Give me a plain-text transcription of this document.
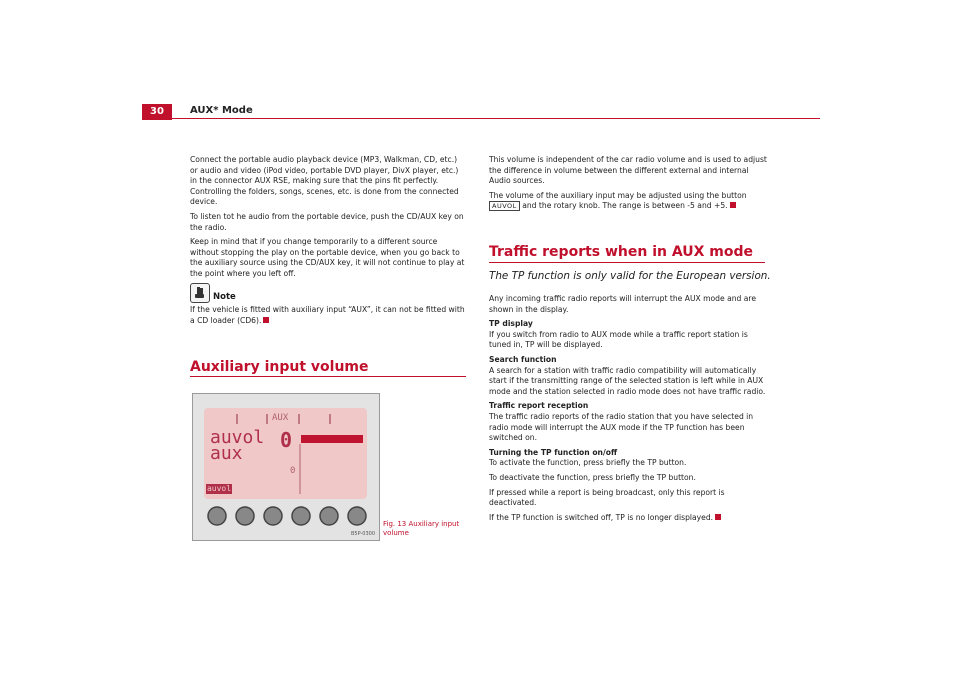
30	AUX* Mode

Connect the portable audio playback device (MP3, Walkman, CD, etc.) or audio and video (iPod video, portable DVD player, DivX player, etc.) in the connector AUX RSE, making sure that the pins fit perfectly. Controlling the folders, songs, scenes, etc. is done from the connected device.

To listen tot he audio from the portable device, push the CD/AUX key on the radio.

Keep in mind that if you change temporarily to a different source without stopping the play on the portable device, when you go back to the auxiliary source using the CD/AUX key, it will not continue to play at the point where you left off.

Note
If the vehicle is fitted with auxiliary input “AUX”, it can not be fitted with a CD loader (CD6).
Auxiliary input volume
AUX
auvol
aux
0
0
auvol
B5P-0300
Fig. 13 Auxiliary input volume

This volume is independent of the car radio volume and is used to adjust the difference in volume between the different external and internal Audio sources.

The volume of the auxiliary input may be adjusted using the button AUVOL and the rotary knob. The range is between -5 and +5.

Traffic reports when in AUX mode
The TP function is only valid for the European version.

Any incoming traffic radio reports will interrupt the AUX mode and are shown in the display.

TP display

If you switch from radio to AUX mode while a traffic report station is tuned in, TP will be displayed.

Search function

A search for a station with traffic radio compatibility will automatically start if the transmitting range of the selected station is left while in AUX mode and the station selected in radio mode does not have traffic radio.

Traffic report reception

The traffic radio reports of the radio station that you have selected in radio mode will interrupt the AUX mode if the TP function has been switched on.

Turning the TP function on/off

To activate the function, press briefly the TP button.

To deactivate the function, press briefly the TP button.

If pressed while a report is being broadcast, only this report is deactivated.

If the TP function is switched off, TP is no longer displayed.
